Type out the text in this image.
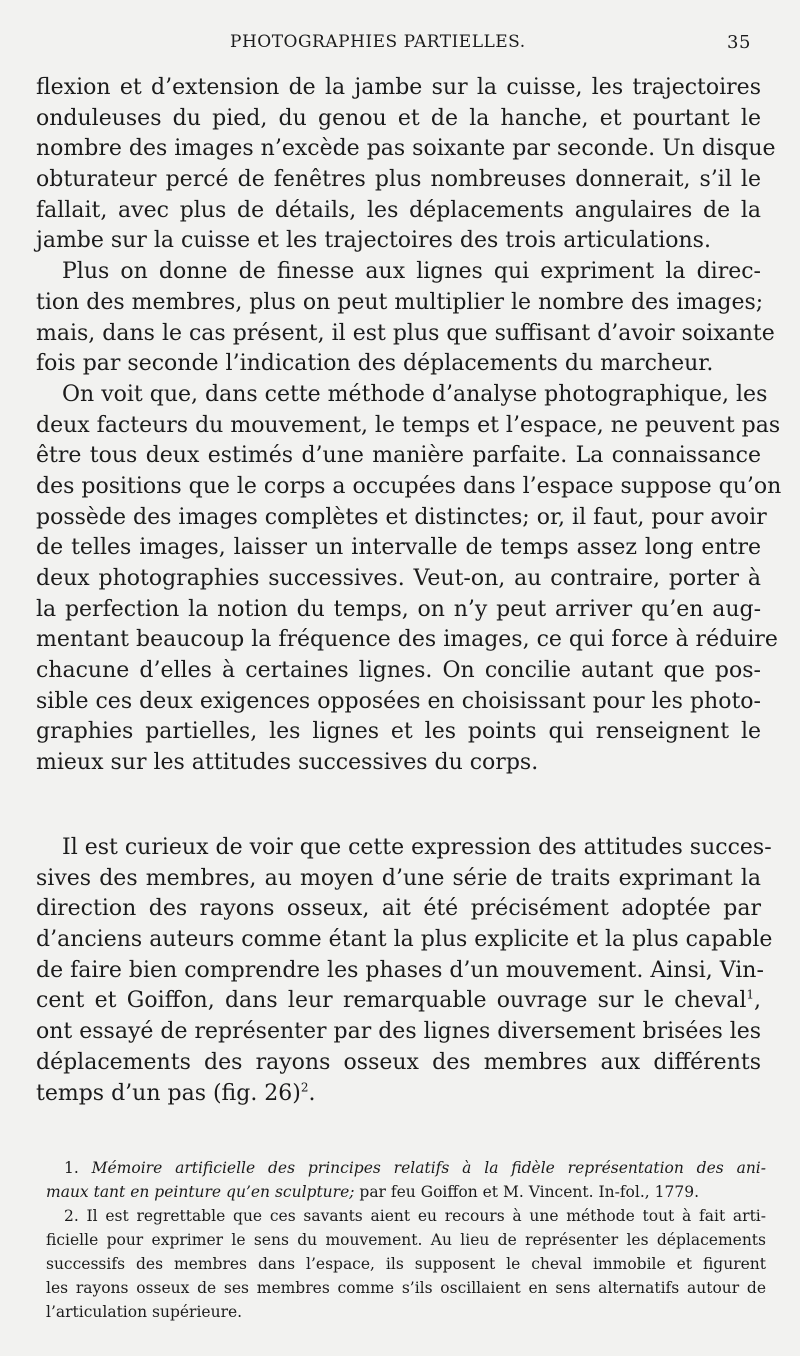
PHOTOGRAPHIES PARTIELLES.	35
flexion et d’extension de la jambe sur la cuisse, les trajectoires
onduleuses du pied, du genou et de la hanche, et pourtant le
nombre des images n’excède pas soixante par seconde. Un disque
obturateur percé de fenêtres plus nombreuses donnerait, s’il le
fallait, avec plus de détails, les déplacements angulaires de la
jambe sur la cuisse et les trajectoires des trois articulations.
Plus on donne de finesse aux lignes qui expriment la direc-
tion des membres, plus on peut multiplier le nombre des images;
mais, dans le cas présent, il est plus que suffisant d’avoir soixante
fois par seconde l’indication des déplacements du marcheur.
On voit que, dans cette méthode d’analyse photographique, les
deux facteurs du mouvement, le temps et l’espace, ne peuvent pas
être tous deux estimés d’une manière parfaite. La connaissance
des positions que le corps a occupées dans l’espace suppose qu’on
possède des images complètes et distinctes; or, il faut, pour avoir
de telles images, laisser un intervalle de temps assez long entre
deux photographies successives. Veut-on, au contraire, porter à
la perfection la notion du temps, on n’y peut arriver qu’en aug-
mentant beaucoup la fréquence des images, ce qui force à réduire
chacune d’elles à certaines lignes. On concilie autant que pos-
sible ces deux exigences opposées en choisissant pour les photo-
graphies partielles, les lignes et les points qui renseignent le
mieux sur les attitudes successives du corps.
Il est curieux de voir que cette expression des attitudes succes-
sives des membres, au moyen d’une série de traits exprimant la
direction des rayons osseux, ait été précisément adoptée par
d’anciens auteurs comme étant la plus explicite et la plus capable
de faire bien comprendre les phases d’un mouvement. Ainsi, Vin-
cent et Goiffon, dans leur remarquable ouvrage sur le cheval$^1$,
ont essayé de représenter par des lignes diversement brisées les
déplacements des rayons osseux des membres aux différents
temps d’un pas (fig. 26)$^2$.
1. Mémoire artificielle des principes relatifs à la fidèle représentation des ani-
maux tant en peinture qu’en sculpture; par feu Goiffon et M. Vincent. In-fol., 1779.
2. Il est regrettable que ces savants aient eu recours à une méthode tout à fait arti-
ficielle pour exprimer le sens du mouvement. Au lieu de représenter les déplacements
successifs des membres dans l’espace, ils supposent le cheval immobile et figurent
les rayons osseux de ses membres comme s’ils oscillaient en sens alternatifs autour de
l’articulation supérieure.
